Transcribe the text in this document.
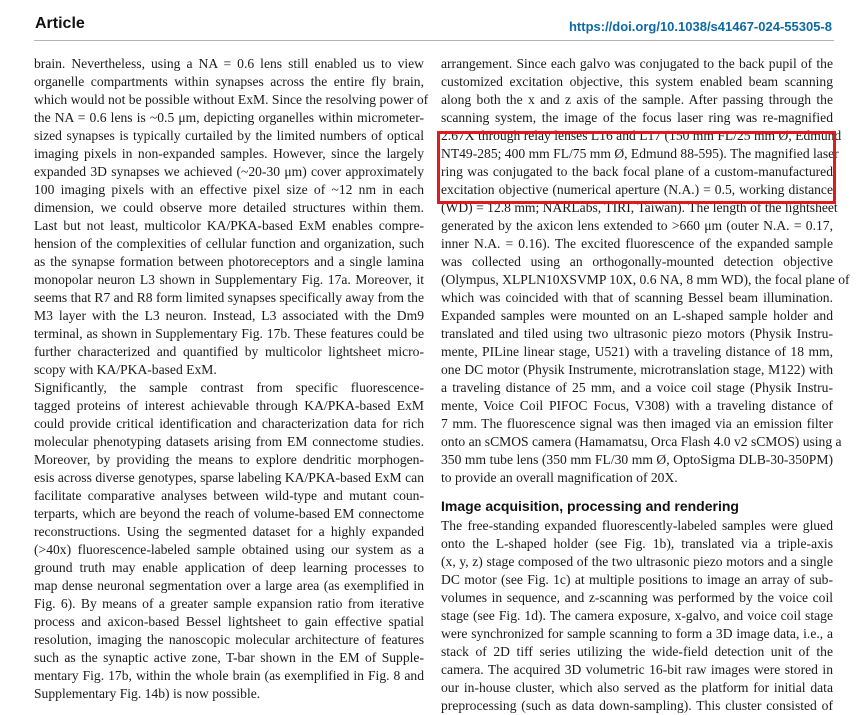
Article	https://doi.org/10.1038/s41467-024-55305-8
brain. Nevertheless, using a NA = 0.6 lens still enabled us to view
organelle compartments within synapses across the entire fly brain,
which would not be possible without ExM. Since the resolving power of
the NA = 0.6 lens is ~0.5 μm, depicting organelles within micrometer-
sized synapses is typically curtailed by the limited numbers of optical
imaging pixels in non-expanded samples. However, since the largely
expanded 3D synapses we achieved (~20-30 μm) cover approximately
100 imaging pixels with an effective pixel size of ~12 nm in each
dimension, we could observe more detailed structures within them.
Last but not least, multicolor KA/PKA-based ExM enables compre-
hension of the complexities of cellular function and organization, such
as the synapse formation between photoreceptors and a single lamina
monopolar neuron L3 shown in Supplementary Fig. 17a. Moreover, it
seems that R7 and R8 form limited synapses specifically away from the
M3 layer with the L3 neuron. Instead, L3 associated with the Dm9
terminal, as shown in Supplementary Fig. 17b. These features could be
further characterized and quantified by multicolor lightsheet micro-
scopy with KA/PKA-based ExM.
Significantly, the sample contrast from specific fluorescence-
tagged proteins of interest achievable through KA/PKA-based ExM
could provide critical identification and characterization data for rich
molecular phenotyping datasets arising from EM connectome studies.
Moreover, by providing the means to explore dendritic morphogen-
esis across diverse genotypes, sparse labeling KA/PKA-based ExM can
facilitate comparative analyses between wild-type and mutant coun-
terparts, which are beyond the reach of volume-based EM connectome
reconstructions. Using the segmented dataset for a highly expanded
(>40x) fluorescence-labeled sample obtained using our system as a
ground truth may enable application of deep learning processes to
map dense neuronal segmentation over a large area (as exemplified in
Fig. 6). By means of a greater sample expansion ratio from iterative
process and axicon-based Bessel lightsheet to gain effective spatial
resolution, imaging the nanoscopic molecular architecture of features
such as the synaptic active zone, T-bar shown in the EM of Supple-
mentary Fig. 17b, within the whole brain (as exemplified in Fig. 8 and
Supplementary Fig. 14b) is now possible.
arrangement. Since each galvo was conjugated to the back pupil of the
customized excitation objective, this system enabled beam scanning
along both the x and z axis of the sample. After passing through the
scanning system, the image of the focus laser ring was re-magnified
2.67X through relay lenses L16 and L17 (150 mm FL/25 mm Ø, Edmund
NT49-285; 400 mm FL/75 mm Ø, Edmund 88-595). The magnified laser
ring was conjugated to the back focal plane of a custom-manufactured
excitation objective (numerical aperture (N.A.) = 0.5, working distance
(WD) = 12.8 mm; NARLabs, TIRI, Taiwan). The length of the lightsheet
generated by the axicon lens extended to >660 μm (outer N.A. = 0.17,
inner N.A. = 0.16). The excited fluorescence of the expanded sample
was collected using an orthogonally-mounted detection objective
(Olympus, XLPLN10XSVMP 10X, 0.6 NA, 8 mm WD), the focal plane of
which was coincided with that of scanning Bessel beam illumination.
Expanded samples were mounted on an L-shaped sample holder and
translated and tiled using two ultrasonic piezo motors (Physik Instru-
mente, PILine linear stage, U521) with a traveling distance of 18 mm,
one DC motor (Physik Instrumente, microtranslation stage, M122) with
a traveling distance of 25 mm, and a voice coil stage (Physik Instru-
mente, Voice Coil PIFOC Focus, V308) with a traveling distance of
7 mm. The fluorescence signal was then imaged via an emission filter
onto an sCMOS camera (Hamamatsu, Orca Flash 4.0 v2 sCMOS) using a
350 mm tube lens (350 mm FL/30 mm Ø, OptoSigma DLB-30-350PM)
to provide an overall magnification of 20X.
Image acquisition, processing and rendering
The free-standing expanded fluorescently-labeled samples were glued
onto the L-shaped holder (see Fig. 1b), translated via a triple-axis
(x, y, z) stage composed of the two ultrasonic piezo motors and a single
DC motor (see Fig. 1c) at multiple positions to image an array of sub-
volumes in sequence, and z-scanning was performed by the voice coil
stage (see Fig. 1d). The camera exposure, x-galvo, and voice coil stage
were synchronized for sample scanning to form a 3D image data, i.e., a
stack of 2D tiff series utilizing the wide-field detection unit of the
camera. The acquired 3D volumetric 16-bit raw images were stored in
our in-house cluster, which also served as the platform for initial data
preprocessing (such as data down-sampling). This cluster consisted of
